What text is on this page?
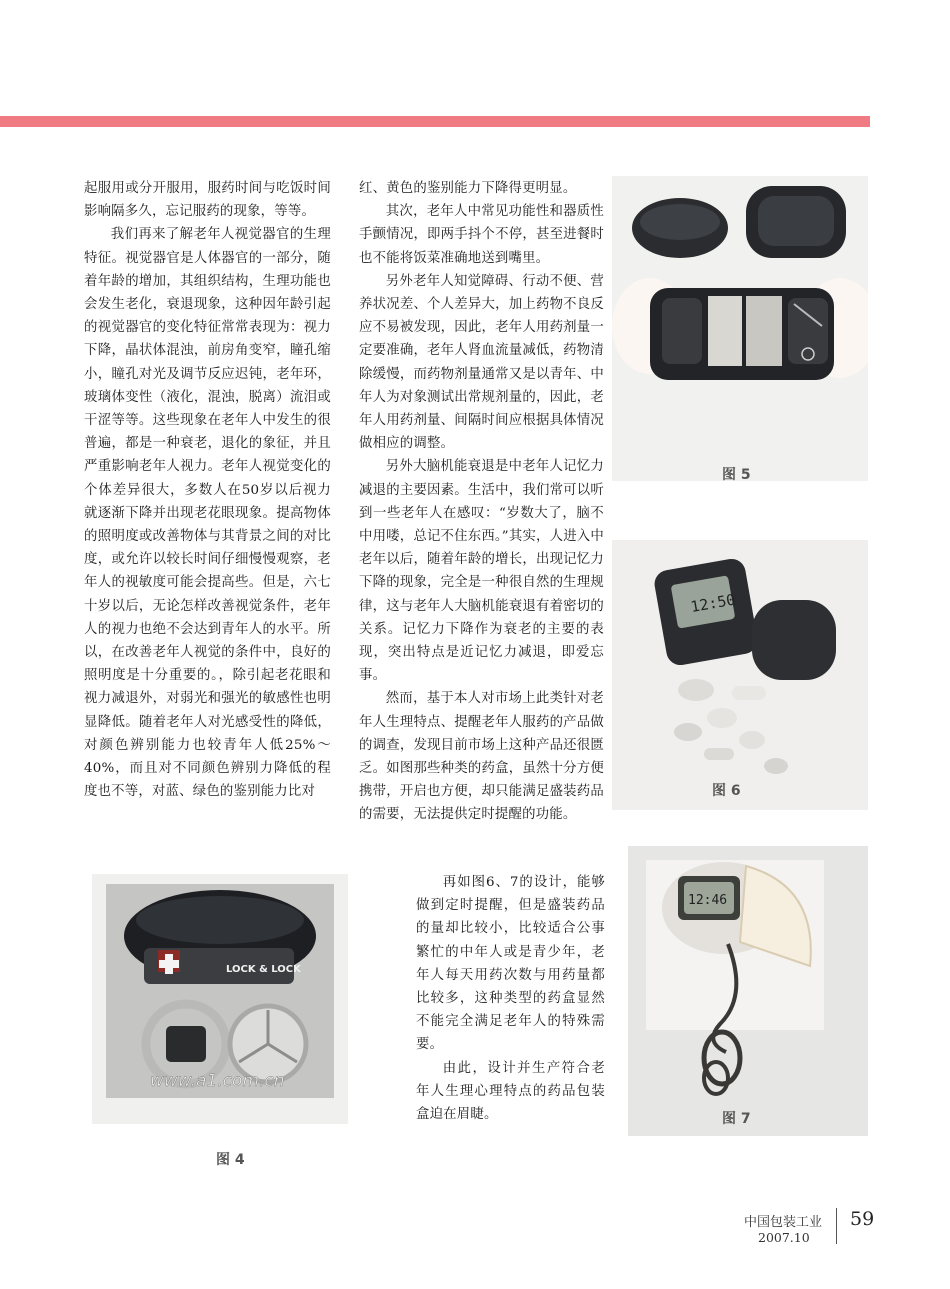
起服用或分开服用，服药时间与吃饭时间影响隔多久，忘记服药的现象，等等。

我们再来了解老年人视觉器官的生理特征。视觉器官是人体器官的一部分，随着年龄的增加，其组织结构，生理功能也会发生老化，衰退现象，这种因年龄引起的视觉器官的变化特征常常表现为：视力下降，晶状体混浊，前房角变窄，瞳孔缩小，瞳孔对光及调节反应迟钝，老年环，玻璃体变性（液化，混浊，脱离）流泪或干涩等等。这些现象在老年人中发生的很普遍，都是一种衰老，退化的象征，并且严重影响老年人视力。老年人视觉变化的个体差异很大，多数人在50岁以后视力就逐渐下降并出现老花眼现象。提高物体的照明度或改善物体与其背景之间的对比度，或允许以较长时间仔细慢慢观察，老年人的视敏度可能会提高些。但是，六七十岁以后，无论怎样改善视觉条件，老年人的视力也绝不会达到青年人的水平。所以，在改善老年人视觉的条件中，良好的照明度是十分重要的。，除引起老花眼和视力减退外，对弱光和强光的敏感性也明显降低。随着老年人对光感受性的降低，对颜色辨别能力也较青年人低25%～40%，而且对不同颜色辨别力降低的程度也不等，对蓝、绿色的鉴别能力比对

红、黄色的鉴别能力下降得更明显。

其次，老年人中常见功能性和器质性手颤情况，即两手抖个不停，甚至进餐时也不能将饭菜准确地送到嘴里。

另外老年人知觉障碍、行动不便、营养状况差、个人差异大，加上药物不良反应不易被发现，因此，老年人用药剂量一定要准确，老年人肾血流量减低，药物清除缓慢，而药物剂量通常又是以青年、中年人为对象测试出常规剂量的，因此，老年人用药剂量、间隔时间应根据具体情况做相应的调整。

另外大脑机能衰退是中老年人记忆力减退的主要因素。生活中，我们常可以听到一些老年人在感叹：“岁数大了，脑不中用喽，总记不住东西。”其实，人进入中老年以后，随着年龄的增长，出现记忆力下降的现象，完全是一种很自然的生理规律，这与老年人大脑机能衰退有着密切的关系。记忆力下降作为衰老的主要的表现，突出特点是近记忆力减退，即爱忘事。

然而，基于本人对市场上此类针对老年人生理特点、提醒老年人服药的产品做的调查，发现目前市场上这种产品还很匮乏。如图那些种类的药盒，虽然十分方便携带，开启也方便，却只能满足盛装药品的需要，无法提供定时提醒的功能。

再如图6、7的设计，能够做到定时提醒，但是盛装药品的量却比较小，比较适合公事繁忙的中年人或是青少年，老年人每天用药次数与用药量都比较多，这种类型的药盒显然不能完全满足老年人的特殊需要。

由此，设计并生产符合老年人生理心理特点的药品包装盒迫在眉睫。

图 5
12:50
图 6
12:46
图 7
LOCK & LOCK
www.a1.com.cn
图 4
中国包装工业
2007.10
59
